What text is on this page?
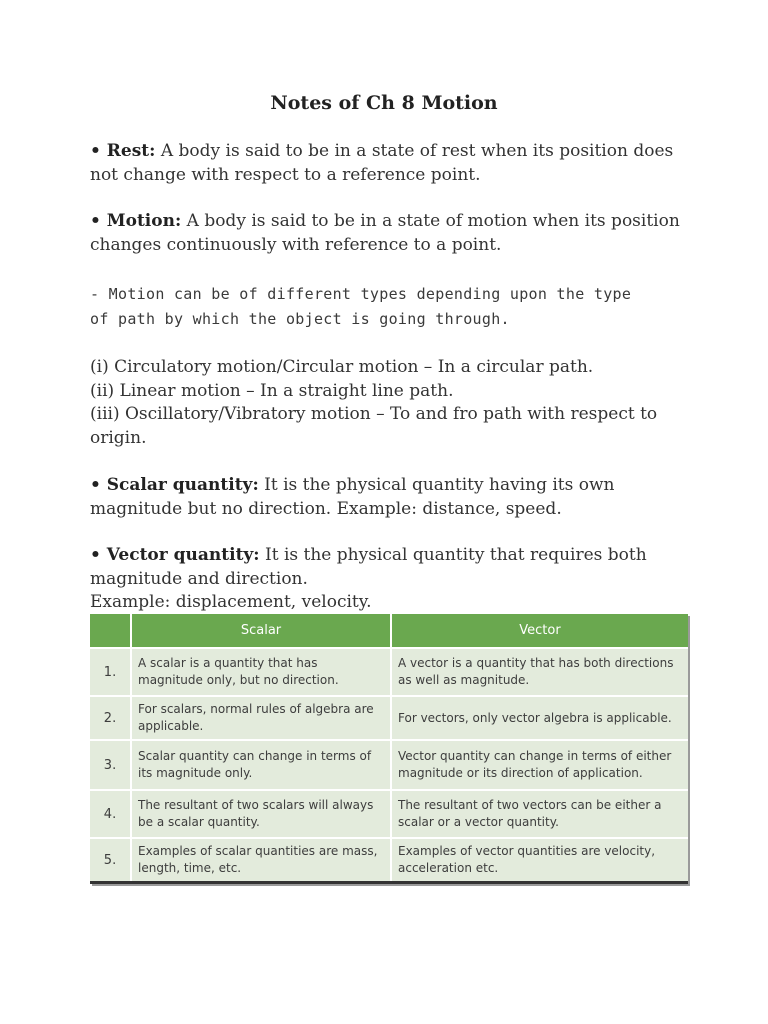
Notes of Ch 8 Motion

• Rest: A body is said to be in a state of rest when its position does not change with respect to a reference point.

• Motion: A body is said to be in a state of motion when its position changes continuously with reference to a point.

- Motion can be of different types depending upon the type
of path by which the object is going through.
(i) Circulatory motion/Circular motion – In a circular path.
(ii) Linear motion – In a straight line path.
(iii) Oscillatory/Vibratory motion – To and fro path with respect to origin.

• Scalar quantity: It is the physical quantity having its own magnitude but no direction. Example: distance, speed.

• Vector quantity: It is the physical quantity that requires both magnitude and direction.
Example: displacement, velocity.
	Scalar	Vector
1.	A scalar is a quantity that has magnitude only, but no direction.	A vector is a quantity that has both directions as well as magnitude.
2.	For scalars, normal rules of algebra are applicable.	For vectors, only vector algebra is applicable.
3.	Scalar quantity can change in terms of its magnitude only.	Vector quantity can change in terms of either magnitude or its direction of application.
4.	The resultant of two scalars will always be a scalar quantity.	The resultant of two vectors can be either a scalar or a vector quantity.
5.	Examples of scalar quantities are mass, length, time, etc.	Examples of vector quantities are velocity, acceleration etc.
